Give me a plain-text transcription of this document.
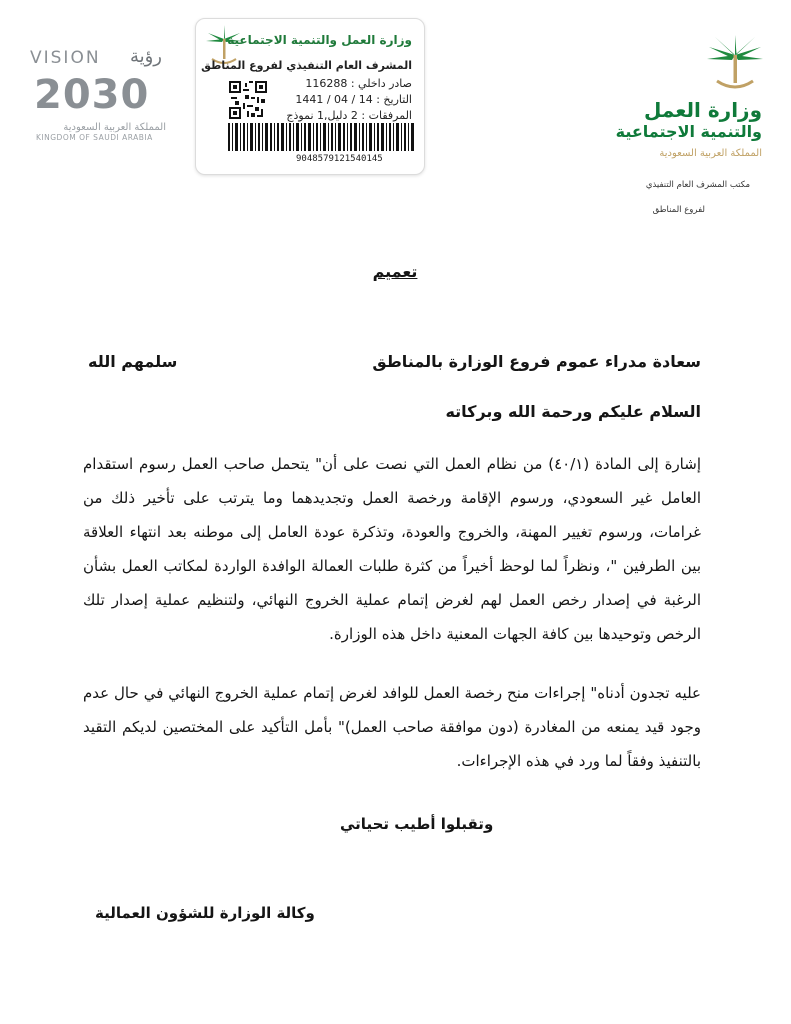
VISION رؤية
2030
المملكة العربية السعودية
KINGDOM OF SAUDI ARABIA
وزارة العمل والتنمية الاجتماعية
المشرف العام التنفيذي لفروع المناطق
صادر داخلي : 116288
التاريخ : 14 / 04 / 1441
المرفقات : 2 دليل,1 نموذج
9048579121540145
وزارة العمل
والتنمية الاجتماعية
المملكة العربية السعودية
مكتب المشرف العام التنفيذي
لفروع المناطق
تعميم
سعادة مدراء عموم فروع الوزارة بالمناطق
سلمهم الله
السلام عليكم ورحمة الله وبركاته
إشارة إلى المادة (٤٠/١) من نظام العمل التي نصت على أن" يتحمل صاحب العمل رسوم استقدام العامل غير السعودي، ورسوم الإقامة ورخصة العمل وتجديدهما وما يترتب على تأخير ذلك من غرامات، ورسوم تغيير المهنة، والخروج والعودة، وتذكرة عودة العامل إلى موطنه بعد انتهاء العلاقة بين الطرفين "، ونظراً لما لوحظ أخيراً من كثرة طلبات العمالة الوافدة الواردة لمكاتب العمل بشأن الرغبة في إصدار رخص العمل لهم لغرض إتمام عملية الخروج النهائي، ولتنظيم عملية إصدار تلك الرخص وتوحيدها بين كافة الجهات المعنية داخل هذه الوزارة.
عليه تجدون أدناه" إجراءات منح رخصة العمل للوافد لغرض إتمام عملية الخروج النهائي في حال عدم وجود قيد يمنعه من المغادرة (دون موافقة صاحب العمل)" بأمل التأكيد على المختصين لديكم التقيد بالتنفيذ وفقاً لما ورد في هذه الإجراءات.
وتقبلوا أطيب تحياتي
وكالة الوزارة للشؤون العمالية
